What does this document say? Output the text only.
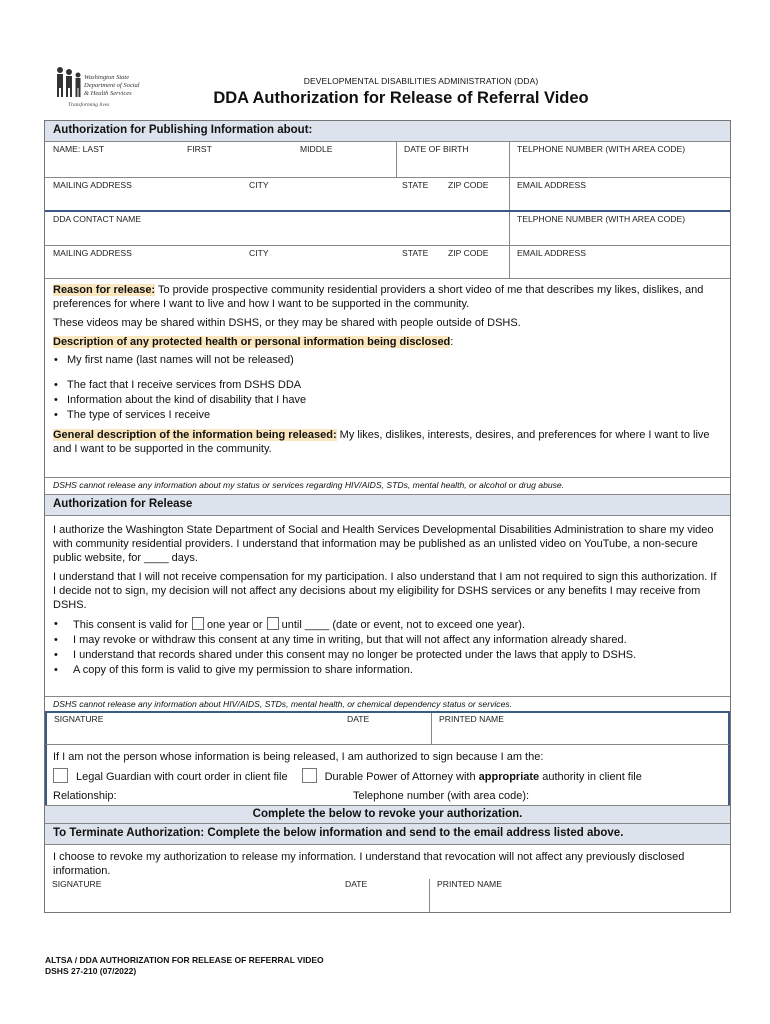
Washington State
Department of Social
& Health Services
Transforming lives
DEVELOPMENTAL DISABILITIES ADMINISTRATION (DDA)
DDA Authorization for Release of Referral Video
Authorization for Publishing Information about:
NAME: LAST	FIRST	MIDDLE	DATE OF BIRTH	TELPHONE NUMBER (WITH AREA CODE)
MAILING ADDRESS	CITY	STATE ZIP CODE	EMAIL ADDRESS
DDA CONTACT NAME	TELPHONE NUMBER (WITH AREA CODE)
MAILING ADDRESS	CITY	STATE ZIP CODE	EMAIL ADDRESS

Reason for release: To provide prospective community residential providers a short video of me that describes my likes, dislikes, and preferences for where I want to live and how I want to be supported in the community.

These videos may be shared within DSHS, or they may be shared with people outside of DSHS.

Description of any protected health or personal information being disclosed:

• My first name (last names will not be released)
• The fact that I receive services from DSHS DDA
• Information about the kind of disability that I have
• The type of services I receive

General description of the information being released: My likes, dislikes, interests, desires, and preferences for where I want to live and I want to be supported in the community.

DSHS cannot release any information about my status or services regarding HIV/AIDS, STDs, mental health, or alcohol or drug abuse.
Authorization for Release

I authorize the Washington State Department of Social and Health Services Developmental Disabilities Administration to share my video with community residential providers. I understand that information may be published as an unlisted video on YouTube, a non-secure public website, for ____ days.

I understand that I will not receive compensation for my participation. I also understand that I am not required to sign this authorization. If I decide not to sign, my decision will not affect any decisions about my eligibility for DSHS services or any benefits I may receive from DSHS.

• This consent is valid for one year or until ____ (date or event, not to exceed one year).
• I may revoke or withdraw this consent at any time in writing, but that will not affect any information already shared.
• I understand that records shared under this consent may no longer be protected under the laws that apply to DSHS.
• A copy of this form is valid to give my permission to share information.
DSHS cannot release any information about HIV/AIDS, STDs, mental health, or chemical dependency status or services.
SIGNATURE	DATE	PRINTED NAME

If I am not the person whose information is being released, I am authorized to sign because I am the:

Legal Guardian with court order in client file	Durable Power of Attorney with appropriate authority in client file

Relationship:	Telephone number (with area code):

Complete the below to revoke your authorization.
To Terminate Authorization: Complete the below information and send to the email address listed above.
I choose to revoke my authorization to release my information. I understand that revocation will not affect any previously disclosed information.
SIGNATURE	DATE	PRINTED NAME
ALTSA / DDA AUTHORIZATION FOR RELEASE OF REFERRAL VIDEO
DSHS 27-210 (07/2022)
